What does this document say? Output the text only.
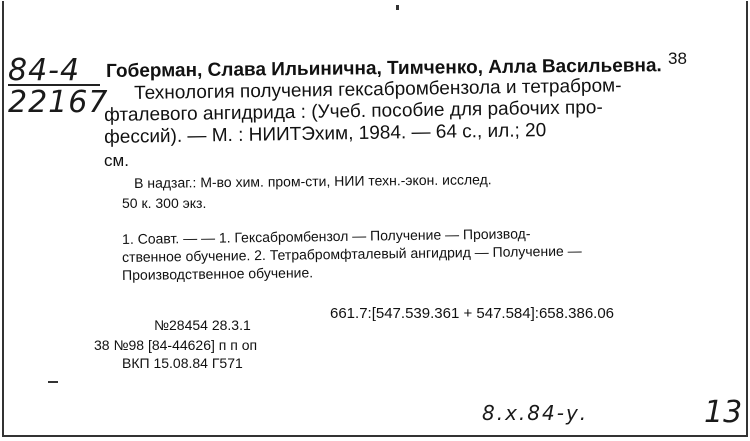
38
84-4
22167
Гоберман, Слава Ильинична, Тимченко, Алла Васильевна.
Технология получения гексабромбензола и тетрабром-
фталевого ангидрида : (Учеб. пособие для рабочих про-
фессий). — М. : НИИТЭхим, 1984. — 64 с., ил.; 20
см.
В надзаг.: М-во хим. пром-сти, НИИ техн.-экон. исслед.
50 к. 300 экз.
1. Соавт. — — 1. Гексабромбензол — Получение — Производ-
ственное обучение. 2. Тетрабромфталевый ангидрид — Получение —
Производственное обучение.
661.7:[547.539.361 + 547.584]:658.386.06
№28454 28.3.1
38 №98 [84-44626] п п оп
ВКП 15.08.84 Г571
8.x.84-у.	13
